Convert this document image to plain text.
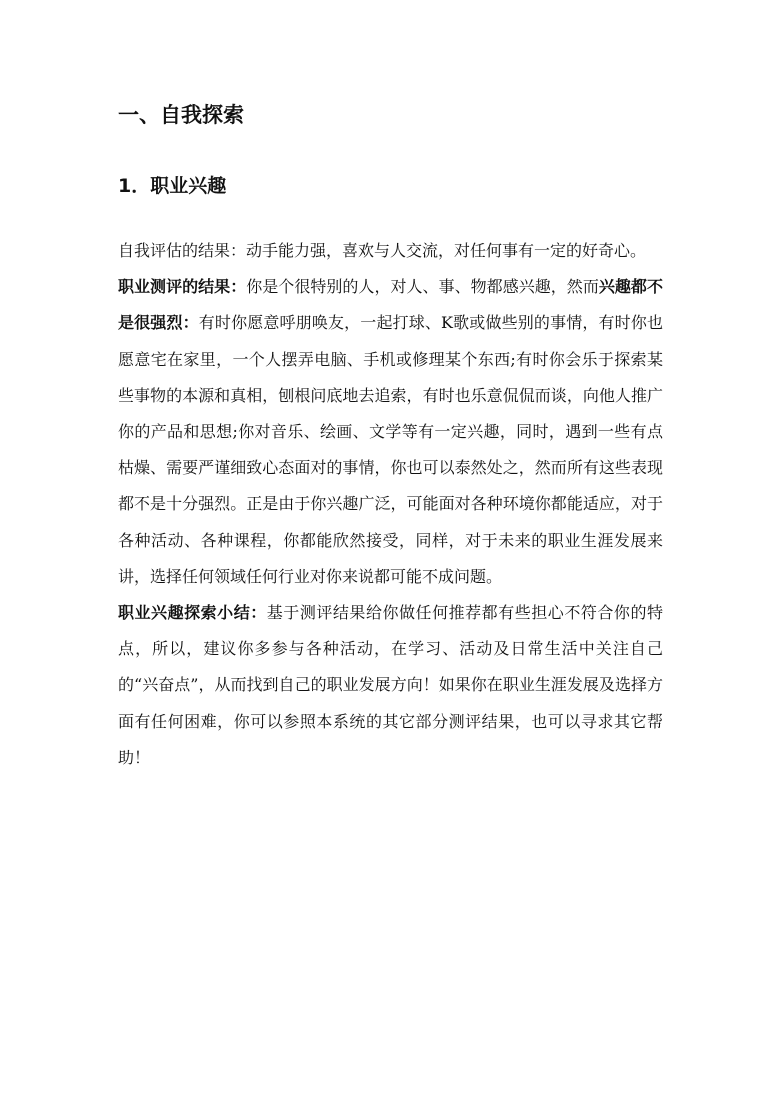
一、自我探索
1．职业兴趣

自我评估的结果：动手能力强，喜欢与人交流，对任何事有一定的好奇心。

职业测评的结果：你是个很特别的人，对人、事、物都感兴趣，然而兴趣都不是很强烈：有时你愿意呼朋唤友，一起打球、K歌或做些别的事情，有时你也愿意宅在家里，一个人摆弄电脑、手机或修理某个东西;有时你会乐于探索某些事物的本源和真相，刨根问底地去追索，有时也乐意侃侃而谈，向他人推广你的产品和思想;你对音乐、绘画、文学等有一定兴趣，同时，遇到一些有点枯燥、需要严谨细致心态面对的事情，你也可以泰然处之，然而所有这些表现都不是十分强烈。正是由于你兴趣广泛，可能面对各种环境你都能适应，对于各种活动、各种课程，你都能欣然接受，同样，对于未来的职业生涯发展来讲，选择任何领域任何行业对你来说都可能不成问题。

职业兴趣探索小结：基于测评结果给你做任何推荐都有些担心不符合你的特点，所以，建议你多参与各种活动，在学习、活动及日常生活中关注自己的“兴奋点”，从而找到自己的职业发展方向！如果你在职业生涯发展及选择方面有任何困难，你可以参照本系统的其它部分测评结果，也可以寻求其它帮助！
